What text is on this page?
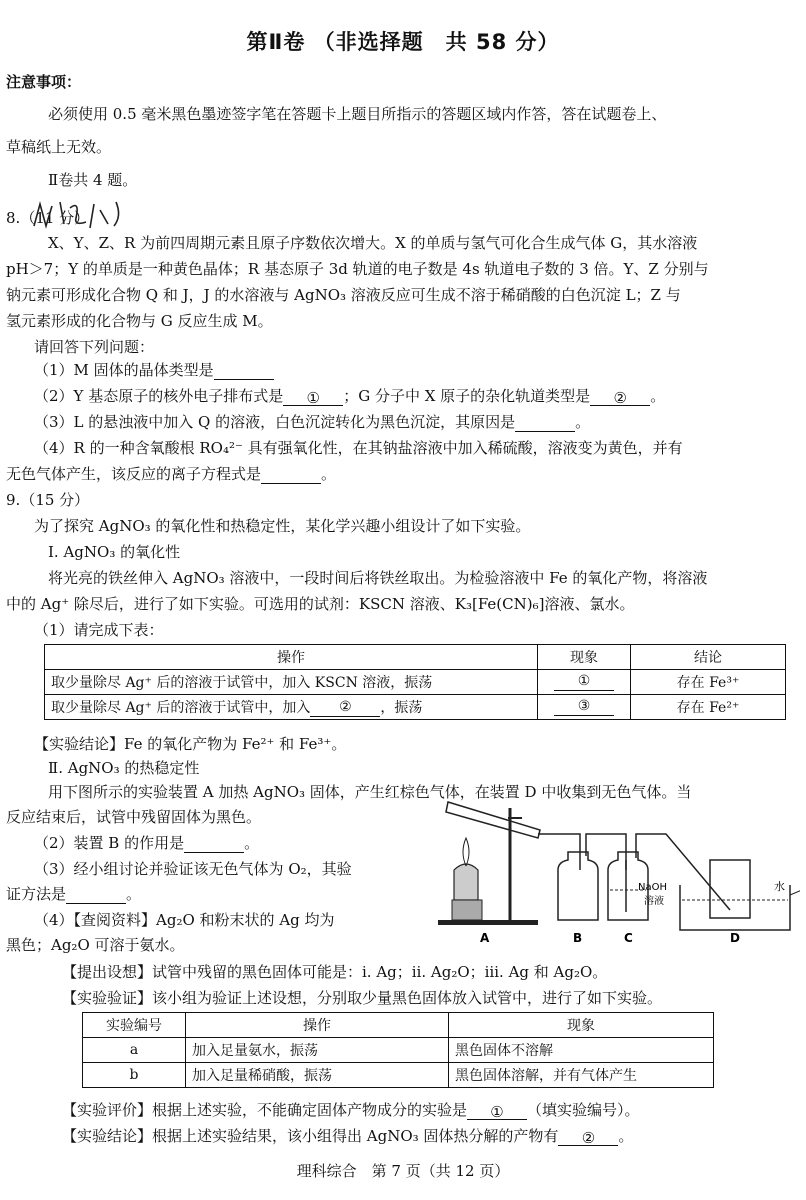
第Ⅱ卷 （非选择题　共 58 分）
注意事项：
必须使用 0.5 毫米黑色墨迹签字笔在答题卡上题目所指示的答题区域内作答，答在试题卷上、
草稿纸上无效。
Ⅱ卷共 4 题。
8.（11 分）
X、Y、Z、R 为前四周期元素且原子序数依次增大。X 的单质与氢气可化合生成气体 G，其水溶液
pH＞7；Y 的单质是一种黄色晶体；R 基态原子 3d 轨道的电子数是 4s 轨道电子数的 3 倍。Y、Z 分别与
钠元素可形成化合物 Q 和 J，J 的水溶液与 AgNO₃ 溶液反应可生成不溶于稀硝酸的白色沉淀 L；Z 与
氢元素形成的化合物与 G 反应生成 M。
请回答下列问题：
（1）M 固体的晶体类型是
（2）Y 基态原子的核外电子排布式是 ① ；G 分子中 X 原子的杂化轨道类型是 ② 。
（3）L 的悬浊液中加入 Q 的溶液，白色沉淀转化为黑色沉淀，其原因是	。
（4）R 的一种含氧酸根 RO₄²⁻ 具有强氧化性，在其钠盐溶液中加入稀硫酸，溶液变为黄色，并有
无色气体产生，该反应的离子方程式是	。
9.（15 分）
为了探究 AgNO₃ 的氧化性和热稳定性，某化学兴趣小组设计了如下实验。
Ⅰ. AgNO₃ 的氧化性
将光亮的铁丝伸入 AgNO₃ 溶液中，一段时间后将铁丝取出。为检验溶液中 Fe 的氧化产物，将溶液
中的 Ag⁺ 除尽后，进行了如下实验。可选用的试剂：KSCN 溶液、K₃[Fe(CN)₆]溶液、氯水。
（1）请完成下表：
操作	现象	结论
取少量除尽 Ag⁺ 后的溶液于试管中，加入 KSCN 溶液，振荡	①	存在 Fe³⁺
取少量除尽 Ag⁺ 后的溶液于试管中，加入 ② ，振荡	③	存在 Fe²⁺
【实验结论】Fe 的氧化产物为 Fe²⁺ 和 Fe³⁺。
Ⅱ. AgNO₃ 的热稳定性
用下图所示的实验装置 A 加热 AgNO₃ 固体，产生红棕色气体，在装置 D 中收集到无色气体。当
反应结束后，试管中残留固体为黑色。
（2）装置 B 的作用是	。
（3）经小组讨论并验证该无色气体为 O₂，其验
证方法是	。
（4）【查阅资料】Ag₂O 和粉末状的 Ag 均为
黑色；Ag₂O 可溶于氨水。	A	B	C	D
NaOH
溶液
水
【提出设想】试管中残留的黑色固体可能是：ⅰ. Ag；ⅱ. Ag₂O；ⅲ. Ag 和 Ag₂O。
【实验验证】该小组为验证上述设想，分别取少量黑色固体放入试管中，进行了如下实验。
实验编号	操作	现象
a	加入足量氨水，振荡	黑色固体不溶解
b	加入足量稀硝酸，振荡	黑色固体溶解，并有气体产生
【实验评价】根据上述实验，不能确定固体产物成分的实验是 ① （填实验编号）。
【实验结论】根据上述实验结果，该小组得出 AgNO₃ 固体热分解的产物有 ② 。
理科综合　第 7 页（共 12 页）
